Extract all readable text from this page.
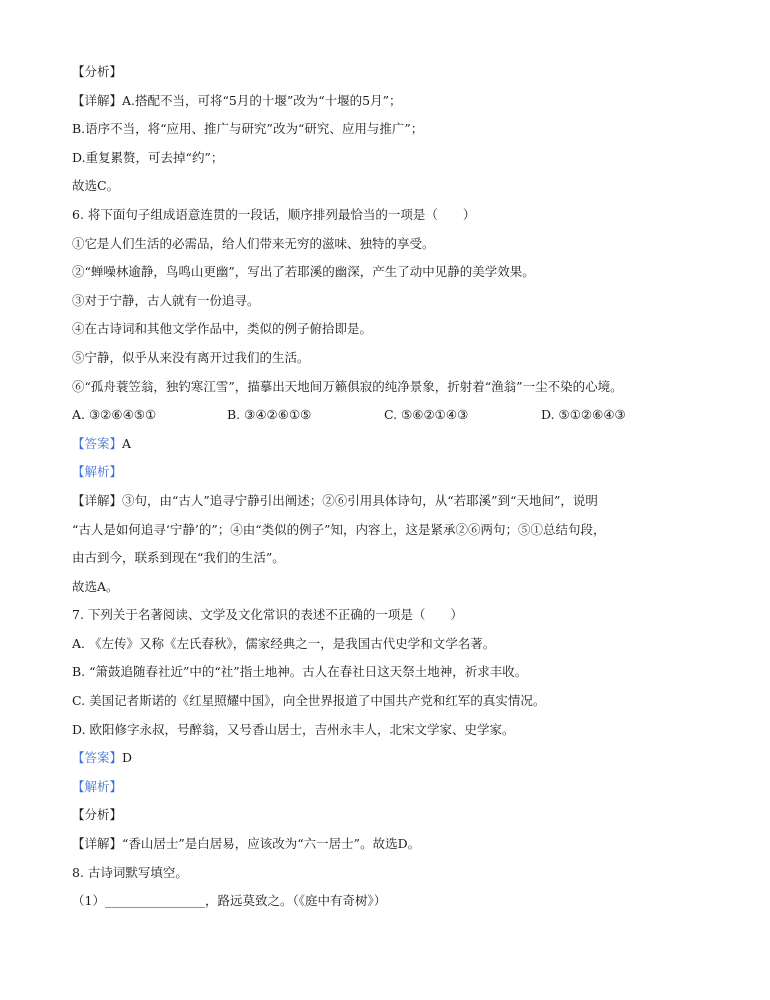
【分析】
【详解】A.搭配不当，可将“5月的十堰”改为“十堰的5月”；
B.语序不当，将“应用、推广与研究”改为“研究、应用与推广”；
D.重复累赘，可去掉“约”；
故选C。
6. 将下面句子组成语意连贯的一段话，顺序排列最恰当的一项是（　　）
①它是人们生活的必需品，给人们带来无穷的滋味、独特的享受。
②“蝉噪林逾静，鸟鸣山更幽”，写出了若耶溪的幽深，产生了动中见静的美学效果。
③对于宁静，古人就有一份追寻。
④在古诗词和其他文学作品中，类似的例子俯拾即是。
⑤宁静，似乎从来没有离开过我们的生活。
⑥“孤舟蓑笠翁，独钓寒江雪”，描摹出天地间万籁俱寂的纯净景象，折射着“渔翁”一尘不染的心境。
A. ③②⑥④⑤①	B. ③④②⑥①⑤	C. ⑤⑥②①④③	D. ⑤①②⑥④③
【答案】A
【解析】
【详解】③句，由“古人”追寻宁静引出阐述；②⑥引用具体诗句，从“若耶溪”到“天地间”，说明
“古人是如何追寻‘宁静’的”；④由“类似的例子”知，内容上，这是紧承②⑥两句；⑤①总结句段，
由古到今，联系到现在“我们的生活”。
故选A。
7. 下列关于名著阅读、文学及文化常识的表述不正确的一项是（　　）
A. 《左传》又称《左氏春秋》，儒家经典之一，是我国古代史学和文学名著。
B. “箫鼓追随春社近”中的“社”指土地神。古人在春社日这天祭土地神，祈求丰收。
C. 美国记者斯诺的《红星照耀中国》，向全世界报道了中国共产党和红军的真实情况。
D. 欧阳修字永叔，号醉翁，又号香山居士，吉州永丰人，北宋文学家、史学家。
【答案】D
【解析】
【分析】
【详解】“香山居士”是白居易，应该改为“六一居士”。故选D。
8. 古诗词默写填空。
（1）________________，路远莫致之。（《庭中有奇树》）
